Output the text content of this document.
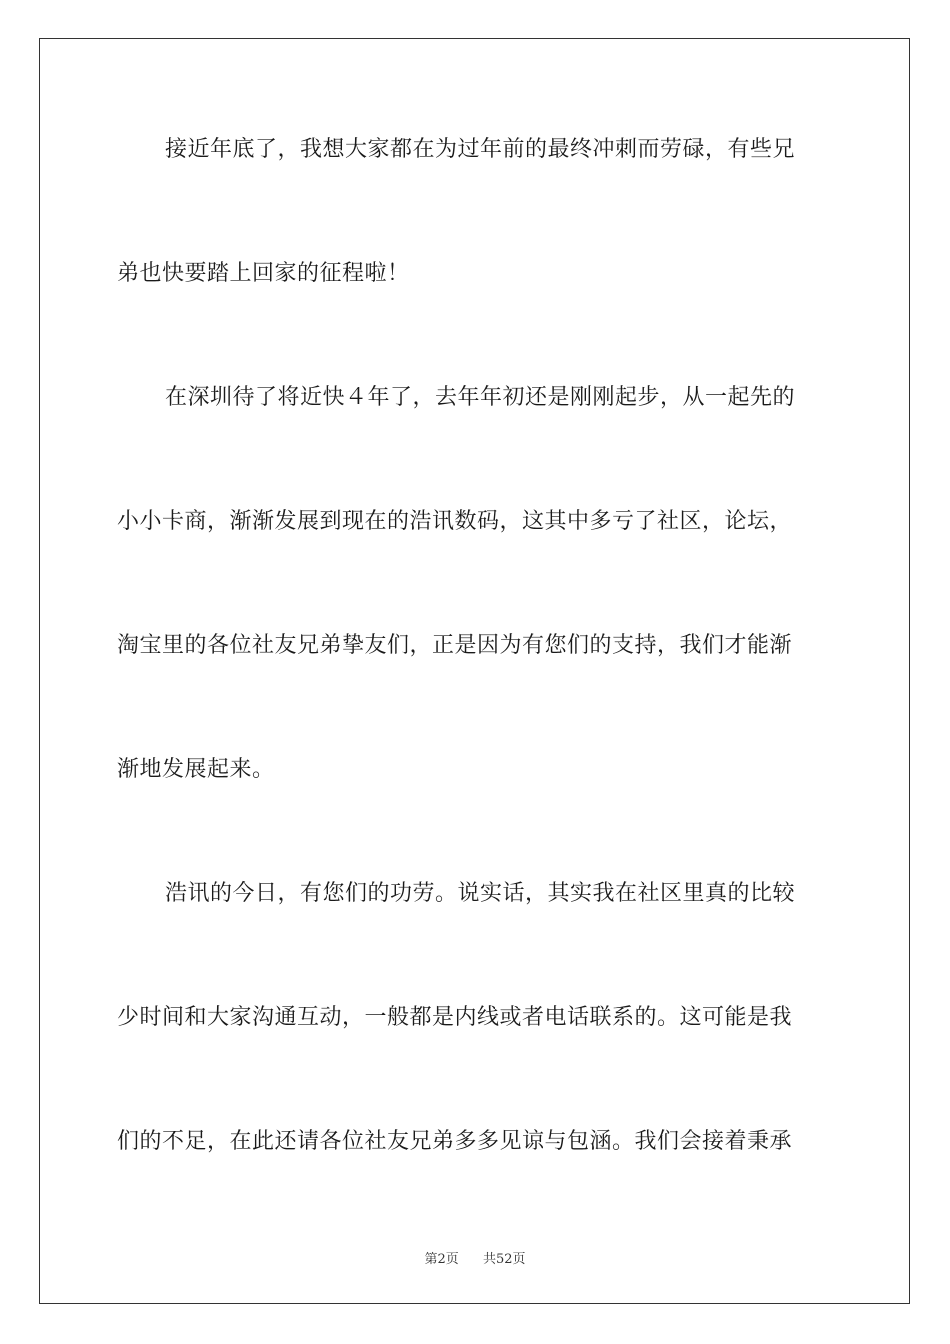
接近年底了，我想大家都在为过年前的最终冲刺而劳碌，有些兄
弟也快要踏上回家的征程啦！
在深圳待了将近快４年了，去年年初还是刚刚起步，从一起先的
小小卡商，渐渐发展到现在的浩讯数码，这其中多亏了社区，论坛，
淘宝里的各位社友兄弟挚友们，正是因为有您们的支持，我们才能渐
渐地发展起来。
浩讯的今日，有您们的功劳。说实话，其实我在社区里真的比较
少时间和大家沟通互动，一般都是内线或者电话联系的。这可能是我
们的不足，在此还请各位社友兄弟多多见谅与包涵。我们会接着秉承
第2页 共52页
